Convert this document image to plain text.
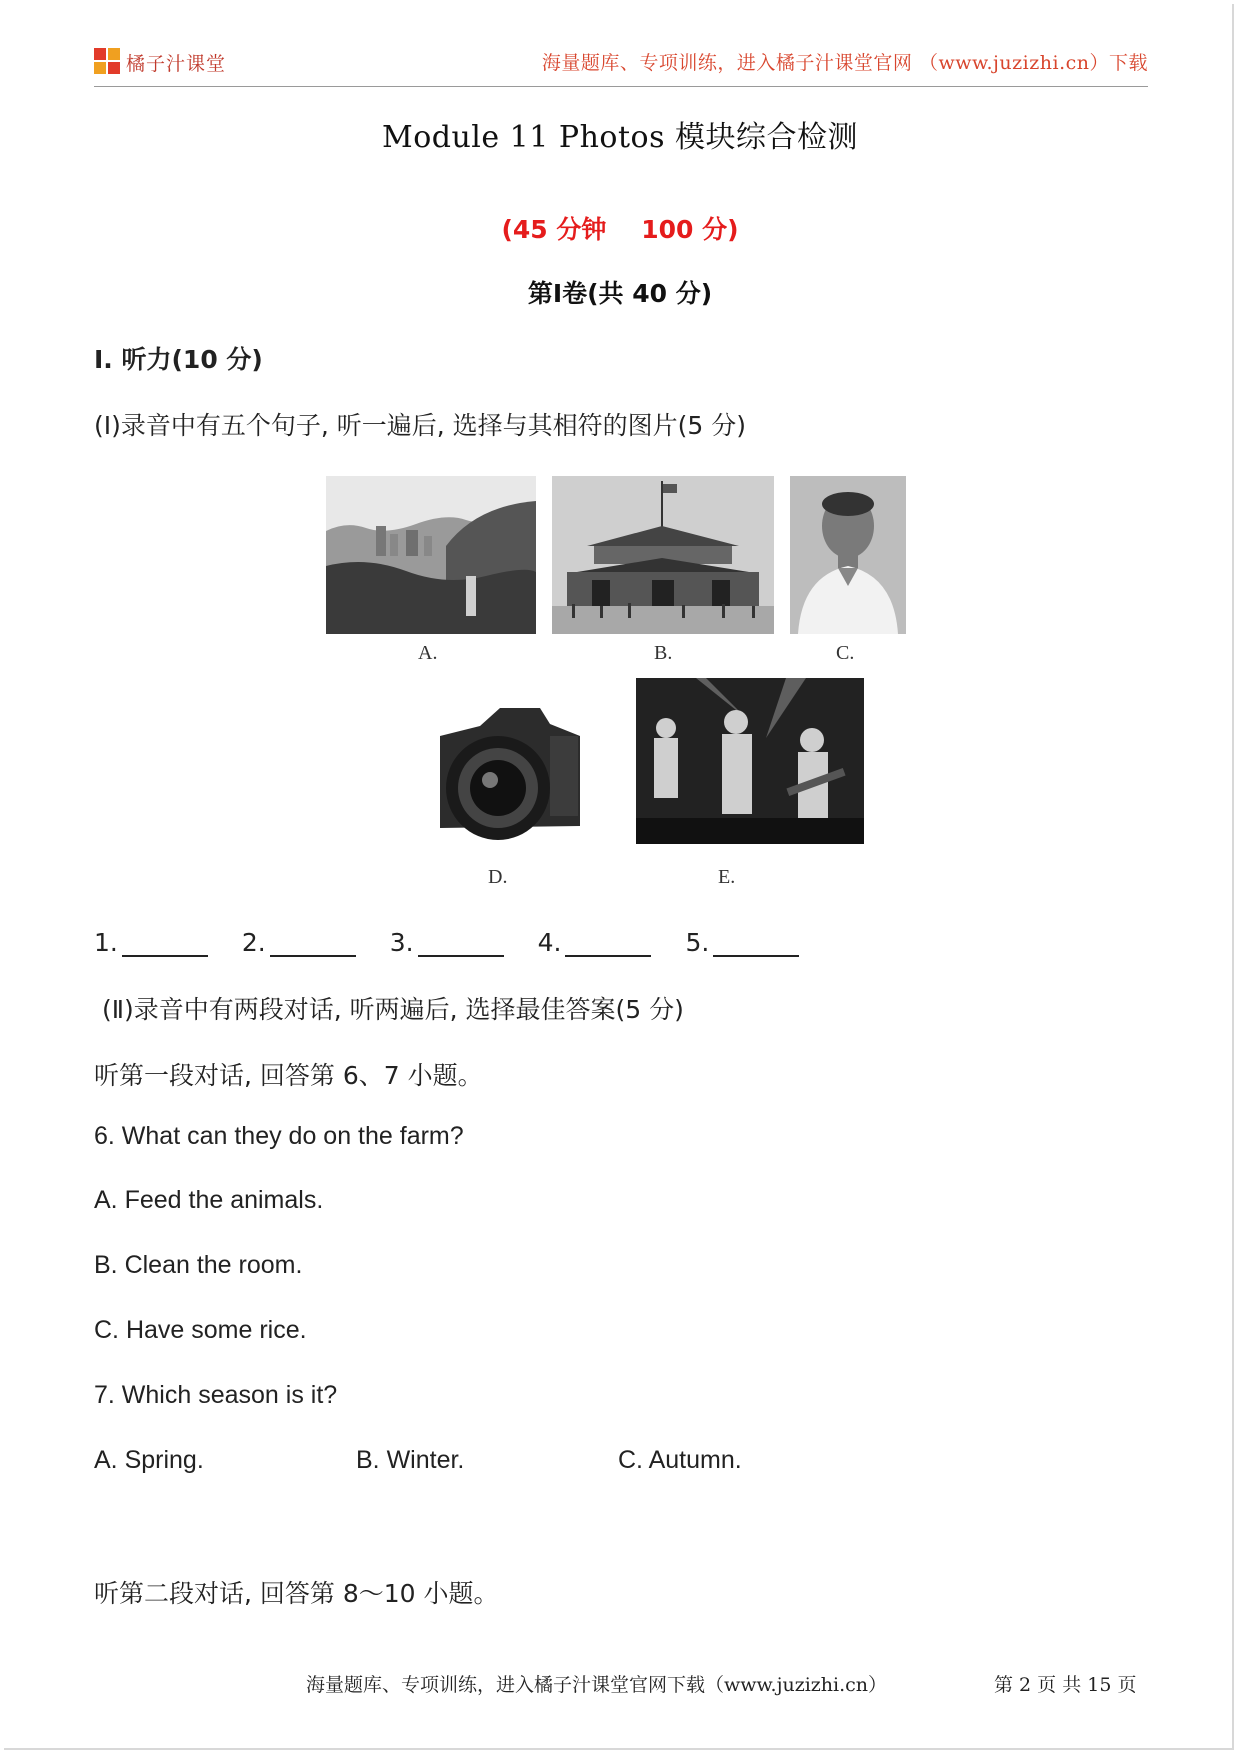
橘子汁课堂	海量题库、专项训练，进入橘子汁课堂官网 （www.juzizhi.cn）下载
Module 11 Photos 模块综合检测
(45 分钟    100 分)
第Ⅰ卷(共 40 分)
Ⅰ. 听力(10 分)
(Ⅰ)录音中有五个句子, 听一遍后, 选择与其相符的图片(5 分)
A.	B.	C.
D.	E.
1.	2.	3.	4.	5.
(Ⅱ)录音中有两段对话, 听两遍后, 选择最佳答案(5 分)
听第一段对话, 回答第 6、7 小题。
6. What can they do on the farm?
A. Feed the animals.
B. Clean the room.
C. Have some rice.
7. Which season is it?
A. Spring.	B. Winter.	C. Autumn.
听第二段对话, 回答第 8～10 小题。
海量题库、专项训练，进入橘子汁课堂官网下载（www.juzizhi.cn）	第 2 页 共 15 页
